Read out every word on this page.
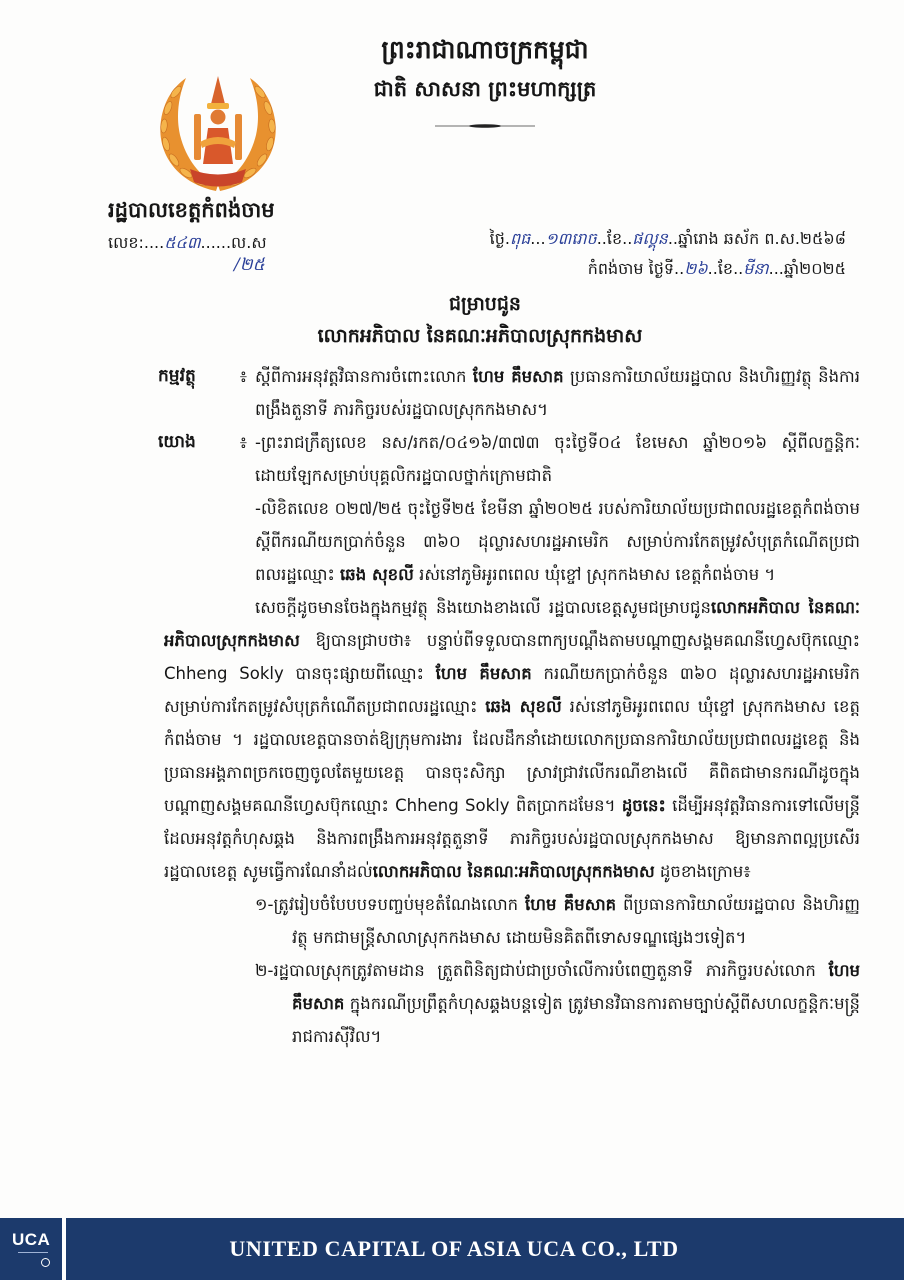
ព្រះរាជាណាចក្រកម្ពុជា
ជាតិ សាសនា ព្រះមហាក្សត្រ
រដ្ឋបាលខេត្តកំពង់ចាម
លេខ:....៥៤៣......ល.ស
/២៥
ថ្ងៃ.ពុធ...១៣រោច..ខែ..ផល្គុន..ឆ្នាំរោង ឆស័ក ព.ស.២៥៦៨
កំពង់ចាម ថ្ងៃទី..២៦..ខែ..មីនា...ឆ្នាំ២០២៥
ជម្រាបជូន
លោកអភិបាល នៃគណៈអភិបាលស្រុកកងមាស
កម្មវត្ថុ	៖ ស្ដីពីការអនុវត្តវិធានការចំពោះលោក ហែម គឹមសាគ ប្រធានការិយាល័យរដ្ឋបាល និងហិរញ្ញវត្ថុ និងការពង្រឹងតួនាទី ភារកិច្ចរបស់រដ្ឋបាលស្រុកកងមាស។
យោង	៖ -ព្រះរាជក្រឹត្យលេខ នស/រកត/០៤១៦/៣៧៣ ចុះថ្ងៃទី០៤ ខែមេសា ឆ្នាំ២០១៦ ស្ដីពីលក្ខន្តិកៈដោយឡែកសម្រាប់បុគ្គលិករដ្ឋបាលថ្នាក់ក្រោមជាតិ
-លិខិតលេខ ០២៧/២៥ ចុះថ្ងៃទី២៥ ខែមីនា ឆ្នាំ២០២៥ របស់ការិយាល័យប្រជាពលរដ្ឋខេត្តកំពង់ចាម ស្ដីពីករណីយកប្រាក់ចំនួន ៣៦០ ដុល្លារសហរដ្ឋអាមេរិក សម្រាប់ការកែតម្រូវសំបុត្រកំណើតប្រជាពលរដ្ឋឈ្មោះ ឆេង សុខលី រស់នៅភូមិអូរពពេល ឃុំខ្ចៅ ស្រុកកងមាស ខេត្តកំពង់ចាម ។
សេចក្ដីដូចមានចែងក្នុងកម្មវត្ថុ និងយោងខាងលើ រដ្ឋបាលខេត្តសូមជម្រាបជូនលោកអភិបាល នៃគណៈអភិបាលស្រុកកងមាស ឱ្យបានជ្រាបថា៖ បន្ទាប់ពីទទួលបានពាក្យបណ្ដឹងតាមបណ្ដាញសង្គមគណនីហ្វេសប៊ុកឈ្មោះ Chheng Sokly បានចុះផ្សាយពីឈ្មោះ ហែម គឹមសាគ ករណីយកប្រាក់ចំនួន ៣៦០ ដុល្លារសហរដ្ឋអាមេរិក សម្រាប់ការកែតម្រូវសំបុត្រកំណើតប្រជាពលរដ្ឋឈ្មោះ ឆេង សុខលី រស់នៅភូមិអូរពពេល ឃុំខ្ចៅ ស្រុកកងមាស ខេត្តកំពង់ចាម ។ រដ្ឋបាលខេត្តបានចាត់ឱ្យក្រុមការងារ ដែលដឹកនាំដោយលោកប្រធានការិយាល័យប្រជាពលរដ្ឋខេត្ត និងប្រធានអង្គភាពច្រកចេញចូលតែមួយខេត្ត បានចុះសិក្សា ស្រាវជ្រាវលើករណីខាងលើ គឺពិតជាមានករណីដូចក្នុងបណ្ដាញសង្គមគណនីហ្វេសប៊ុកឈ្មោះ Chheng Sokly ពិតប្រាកដមែន។ ដូចនេះ ដើម្បីអនុវត្តវិធានការទៅលើមន្ត្រីដែលអនុវត្តកំហុសឆ្គង និងការពង្រឹងការអនុវត្តតួនាទី ភារកិច្ចរបស់រដ្ឋបាលស្រុកកងមាស ឱ្យមានភាពល្អប្រសើរ រដ្ឋបាលខេត្ត សូមធ្វើការណែនាំដល់លោកអភិបាល នៃគណៈអភិបាលស្រុកកងមាស ដូចខាងក្រោម៖
១-ត្រូវរៀបចំបែបបទបញ្ចប់មុខតំណែងលោក ហែម គឹមសាគ ពីប្រធានការិយាល័យរដ្ឋបាល និងហិរញ្ញវត្ថុ មកជាមន្ត្រីសាលាស្រុកកងមាស ដោយមិនគិតពីទោសទណ្ឌផ្សេងៗទៀត។
២-រដ្ឋបាលស្រុកត្រូវតាមដាន ត្រួតពិនិត្យជាប់ជាប្រចាំលើការបំពេញតួនាទី ភារកិច្ចរបស់លោក ហែម គឹមសាគ ក្នុងករណីប្រព្រឹត្តកំហុសឆ្គងបន្តទៀត ត្រូវមានវិធានការតាមច្បាប់ស្ដីពីសហលក្ខន្តិកៈមន្ត្រីរាជការស៊ីវិល។
UCA	UNITED CAPITAL OF ASIA UCA CO., LTD
